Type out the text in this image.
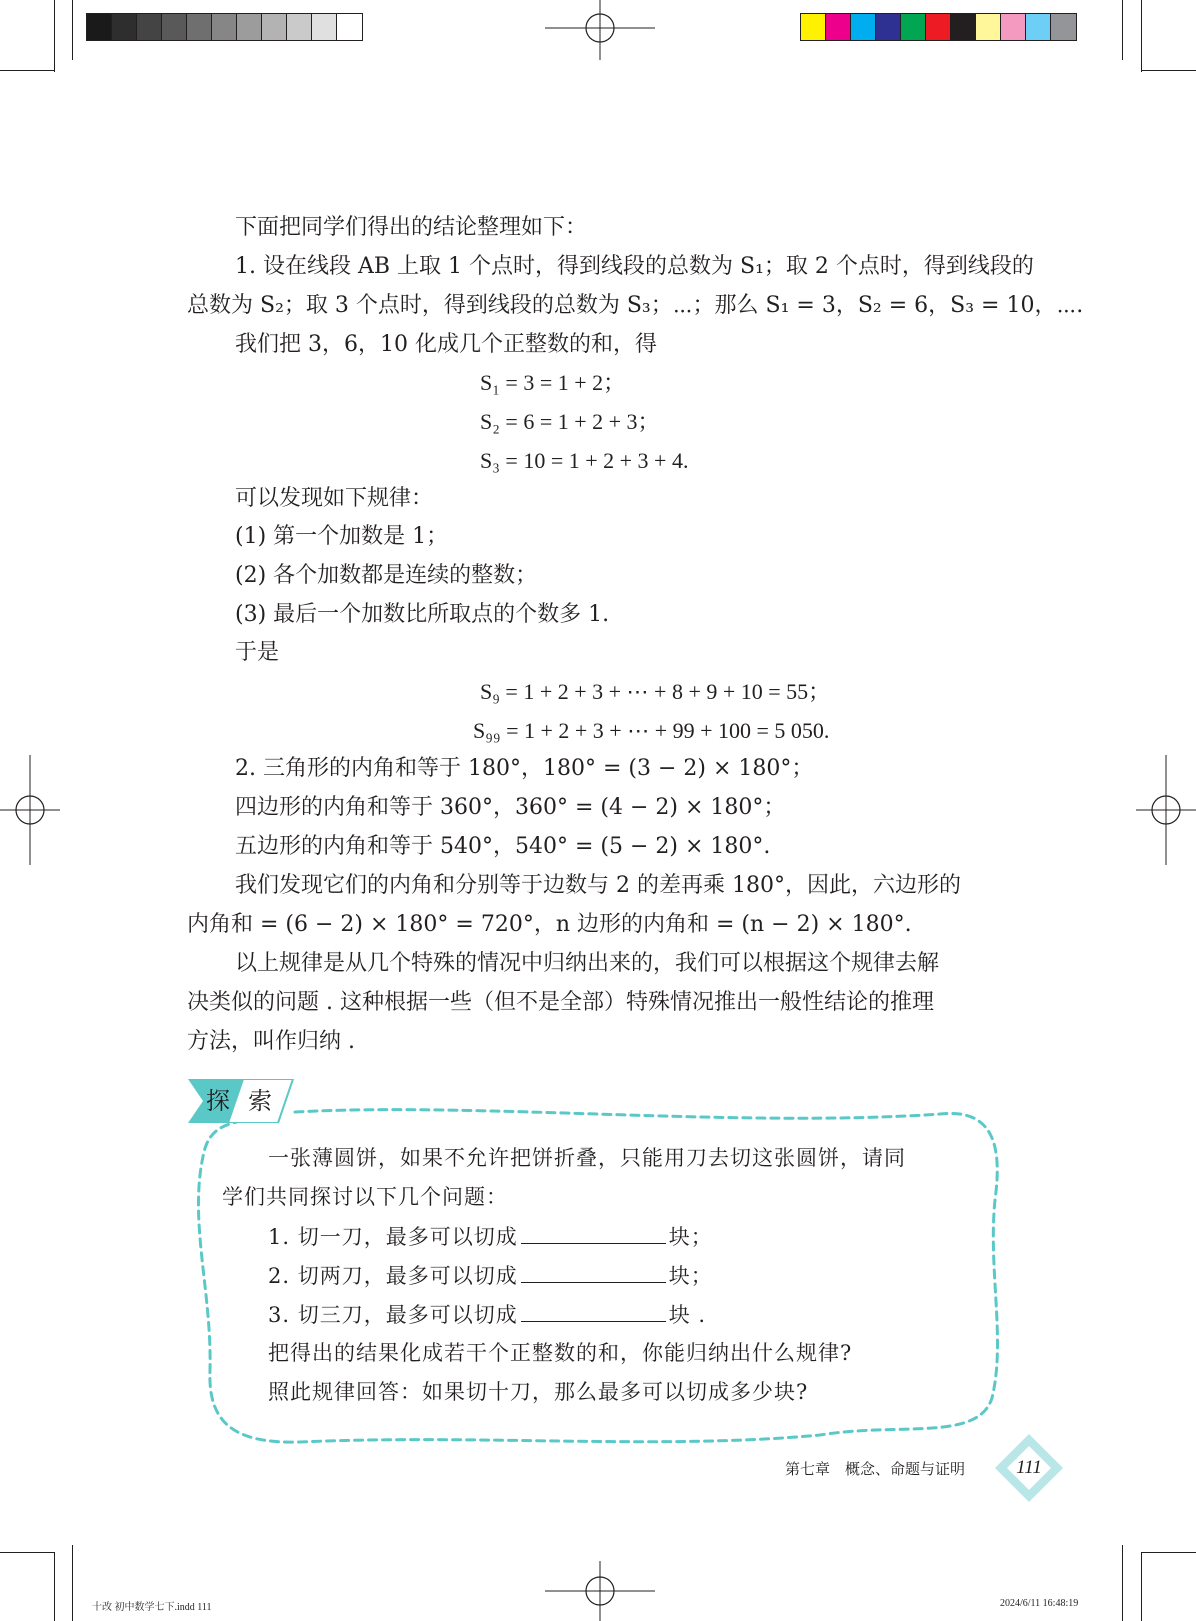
下面把同学们得出的结论整理如下：
1. 设在线段 AB 上取 1 个点时，得到线段的总数为 S₁；取 2 个点时，得到线段的
总数为 S₂；取 3 个点时，得到线段的总数为 S₃；⋯；那么 S₁ = 3，S₂ = 6，S₃ = 10，⋯.
我们把 3，6，10 化成几个正整数的和，得
S₁ = 3 = 1 + 2；
S₂ = 6 = 1 + 2 + 3；
S₃ = 10 = 1 + 2 + 3 + 4.
可以发现如下规律：
(1) 第一个加数是 1；
(2) 各个加数都是连续的整数；
(3) 最后一个加数比所取点的个数多 1.
于是
S₉ = 1 + 2 + 3 + ⋯ + 8 + 9 + 10 = 55；
S₉₉ = 1 + 2 + 3 + ⋯ + 99 + 100 = 5 050.
2. 三角形的内角和等于 180°，180° = (3 − 2) × 180°；
四边形的内角和等于 360°，360° = (4 − 2) × 180°；
五边形的内角和等于 540°，540° = (5 − 2) × 180°.
我们发现它们的内角和分别等于边数与 2 的差再乘 180°，因此，六边形的
内角和 = (6 − 2) × 180° = 720°，n 边形的内角和 = (n − 2) × 180°.
以上规律是从几个特殊的情况中归纳出来的，我们可以根据这个规律去解
决类似的问题 . 这种根据一些（但不是全部）特殊情况推出一般性结论的推理
方法，叫作归纳 .
探 索
一张薄圆饼，如果不允许把饼折叠，只能用刀去切这张圆饼，请同
学们共同探讨以下几个问题：
1. 切一刀，最多可以切成	块；
2. 切两刀，最多可以切成	块；
3. 切三刀，最多可以切成	块 .
把得出的结果化成若干个正整数的和，你能归纳出什么规律?
照此规律回答：如果切十刀，那么最多可以切成多少块?
第七章　概念、命题与证明	111
十改 初中数学七下.indd 111	2024/6/11 16:48:19
